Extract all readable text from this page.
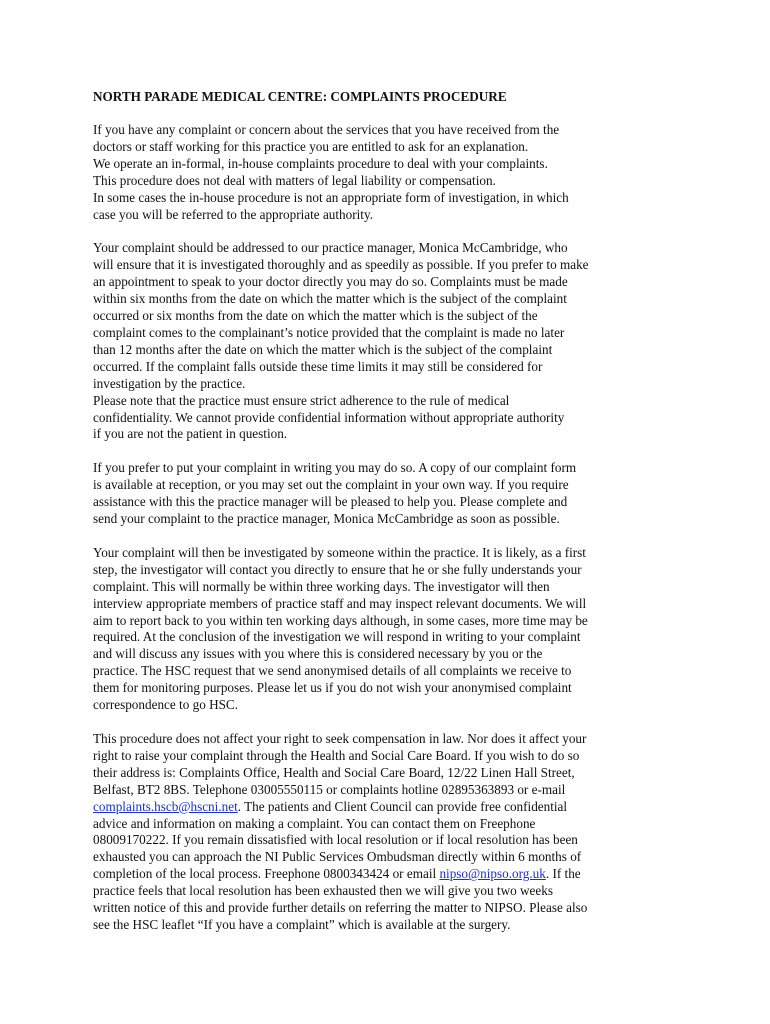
NORTH PARADE MEDICAL CENTRE: COMPLAINTS PROCEDURE
If you have any complaint or concern about the services that you have received from the
doctors or staff working for this practice you are entitled to ask for an explanation.
We operate an in-formal, in-house complaints procedure to deal with your complaints.
This procedure does not deal with matters of legal liability or compensation.
In some cases the in-house procedure is not an appropriate form of investigation, in which
case you will be referred to the appropriate authority.
Your complaint should be addressed to our practice manager, Monica McCambridge, who
will ensure that it is investigated thoroughly and as speedily as possible. If you prefer to make
an appointment to speak to your doctor directly you may do so. Complaints must be made
within six months from the date on which the matter which is the subject of the complaint
occurred or six months from the date on which the matter which is the subject of the
complaint comes to the complainant’s notice provided that the complaint is made no later
than 12 months after the date on which the matter which is the subject of the complaint
occurred. If the complaint falls outside these time limits it may still be considered for
investigation by the practice.
Please note that the practice must ensure strict adherence to the rule of medical
confidentiality. We cannot provide confidential information without appropriate authority
if you are not the patient in question.
If you prefer to put your complaint in writing you may do so. A copy of our complaint form
is available at reception, or you may set out the complaint in your own way. If you require
assistance with this the practice manager will be pleased to help you. Please complete and
send your complaint to the practice manager, Monica McCambridge as soon as possible.
Your complaint will then be investigated by someone within the practice. It is likely, as a first
step, the investigator will contact you directly to ensure that he or she fully understands your
complaint. This will normally be within three working days. The investigator will then
interview appropriate members of practice staff and may inspect relevant documents. We will
aim to report back to you within ten working days although, in some cases, more time may be
required. At the conclusion of the investigation we will respond in writing to your complaint
and will discuss any issues with you where this is considered necessary by you or the
practice. The HSC request that we send anonymised details of all complaints we receive to
them for monitoring purposes. Please let us if you do not wish your anonymised complaint
correspondence to go HSC.
This procedure does not affect your right to seek compensation in law. Nor does it affect your
right to raise your complaint through the Health and Social Care Board. If you wish to do so
their address is: Complaints Office, Health and Social Care Board, 12/22 Linen Hall Street,
Belfast, BT2 8BS. Telephone 03005550115 or complaints hotline 02895363893 or e-mail
complaints.hscb@hscni.net. The patients and Client Council can provide free confidential
advice and information on making a complaint. You can contact them on Freephone
08009170222. If you remain dissatisfied with local resolution or if local resolution has been
exhausted you can approach the NI Public Services Ombudsman directly within 6 months of
completion of the local process. Freephone 0800343424 or email nipso@nipso.org.uk. If the
practice feels that local resolution has been exhausted then we will give you two weeks
written notice of this and provide further details on referring the matter to NIPSO. Please also
see the HSC leaflet “If you have a complaint” which is available at the surgery.
